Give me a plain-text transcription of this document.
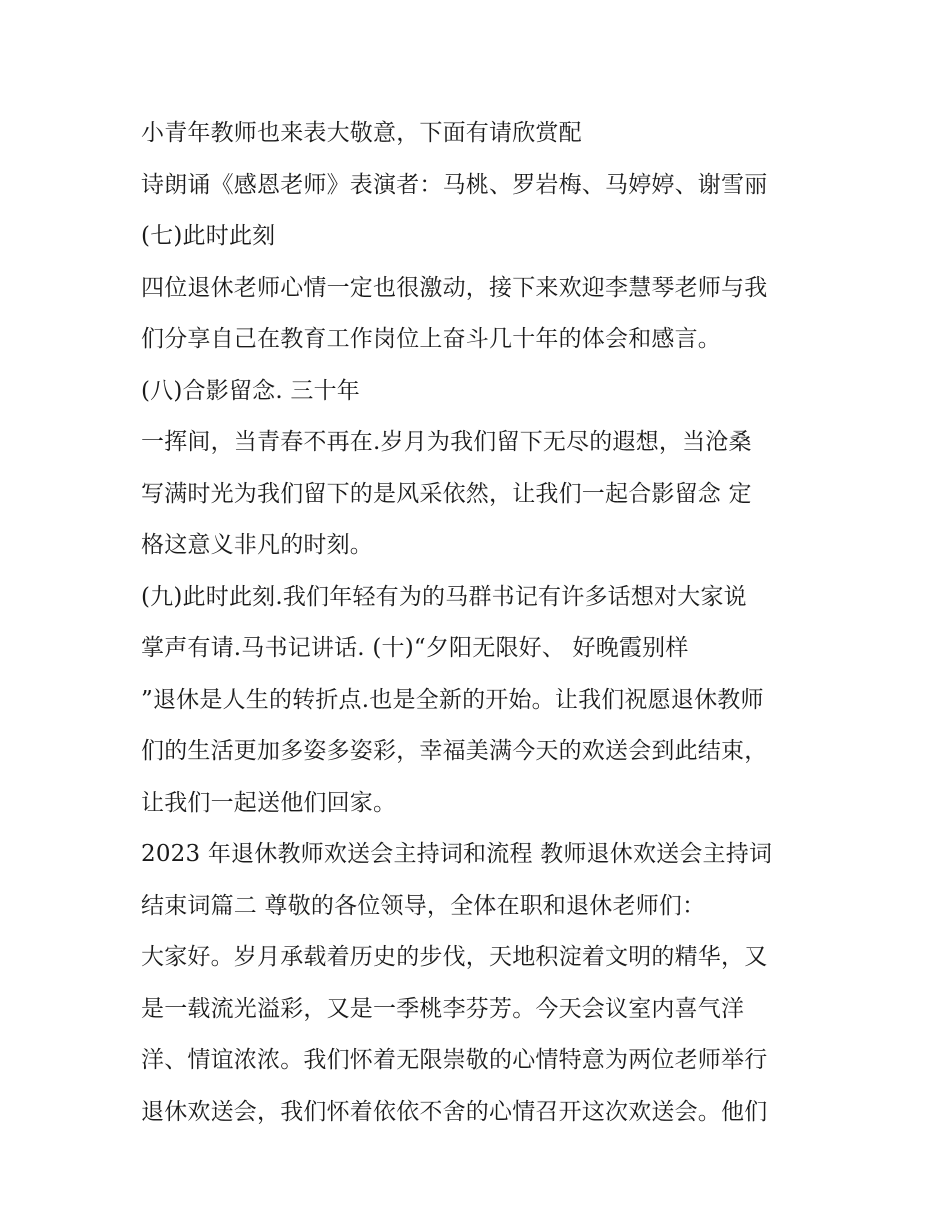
小青年教师也来表大敬意，下面有请欣赏配
诗朗诵《感恩老师》表演者：马桃、罗岩梅、马婷婷、谢雪丽
(七)此时此刻
四位退休老师心情一定也很激动，接下来欢迎李慧琴老师与我
们分享自己在教育工作岗位上奋斗几十年的体会和感言。
(八)合影留念. 三十年
一挥间，当青春不再在.岁月为我们留下无尽的遐想，当沧桑
写满时光为我们留下的是风采依然，让我们一起合影留念 定
格这意义非凡的时刻。
(九)此时此刻.我们年轻有为的马群书记有许多话想对大家说
掌声有请.马书记讲话. (十)“夕阳无限好、 好晚霞别样
”退休是人生的转折点.也是全新的开始。让我们祝愿退休教师
们的生活更加多姿多姿彩，幸福美满今天的欢送会到此结束，
让我们一起送他们回家。
2023 年退休教师欢送会主持词和流程 教师退休欢送会主持词
结束词篇二 尊敬的各位领导，全体在职和退休老师们：
大家好。岁月承载着历史的步伐，天地积淀着文明的精华，又
是一载流光溢彩，又是一季桃李芬芳。今天会议室内喜气洋
洋、情谊浓浓。我们怀着无限崇敬的心情特意为两位老师举行
退休欢送会，我们怀着依依不舍的心情召开这次欢送会。他们
